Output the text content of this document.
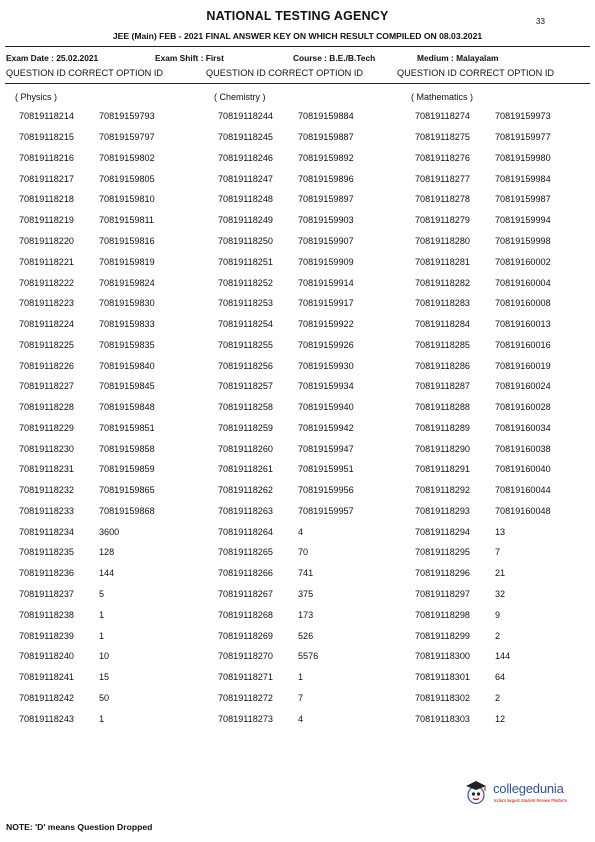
NATIONAL TESTING AGENCY	33
JEE (Main) FEB - 2021 FINAL ANSWER KEY ON WHICH RESULT COMPILED ON 08.03.2021
Exam Date : 25.02.2021	Exam Shift : First	Course : B.E./B.Tech	Medium : Malayalam
QUESTION ID CORRECT OPTION ID	QUESTION ID CORRECT OPTION ID	QUESTION ID CORRECT OPTION ID
( Physics )
70819118214	70819159793
70819118215	70819159797
70819118216	70819159802
70819118217	70819159805
70819118218	70819159810
70819118219	70819159811
70819118220	70819159816
70819118221	70819159819
70819118222	70819159824
70819118223	70819159830
70819118224	70819159833
70819118225	70819159835
70819118226	70819159840
70819118227	70819159845
70819118228	70819159848
70819118229	70819159851
70819118230	70819159858
70819118231	70819159859
70819118232	70819159865
70819118233	70819159868
70819118234	3600
70819118235	128
70819118236	144
70819118237	5
70819118238	1
70819118239	1
70819118240	10
70819118241	15
70819118242	50
70819118243	1
( Chemistry )
70819118244	70819159884
70819118245	70819159887
70819118246	70819159892
70819118247	70819159896
70819118248	70819159897
70819118249	70819159903
70819118250	70819159907
70819118251	70819159909
70819118252	70819159914
70819118253	70819159917
70819118254	70819159922
70819118255	70819159926
70819118256	70819159930
70819118257	70819159934
70819118258	70819159940
70819118259	70819159942
70819118260	70819159947
70819118261	70819159951
70819118262	70819159956
70819118263	70819159957
70819118264	4
70819118265	70
70819118266	741
70819118267	375
70819118268	173
70819118269	526
70819118270	5576
70819118271	1
70819118272	7
70819118273	4
( Mathematics )
70819118274	70819159973
70819118275	70819159977
70819118276	70819159980
70819118277	70819159984
70819118278	70819159987
70819118279	70819159994
70819118280	70819159998
70819118281	70819160002
70819118282	70819160004
70819118283	70819160008
70819118284	70819160013
70819118285	70819160016
70819118286	70819160019
70819118287	70819160024
70819118288	70819160028
70819118289	70819160034
70819118290	70819160038
70819118291	70819160040
70819118292	70819160044
70819118293	70819160048
70819118294	13
70819118295	7
70819118296	21
70819118297	32
70819118298	9
70819118299	2
70819118300	144
70819118301	64
70819118302	2
70819118303	12
collegedunia
India's largest Student Review Platform
NOTE: 'D' means Question Dropped
